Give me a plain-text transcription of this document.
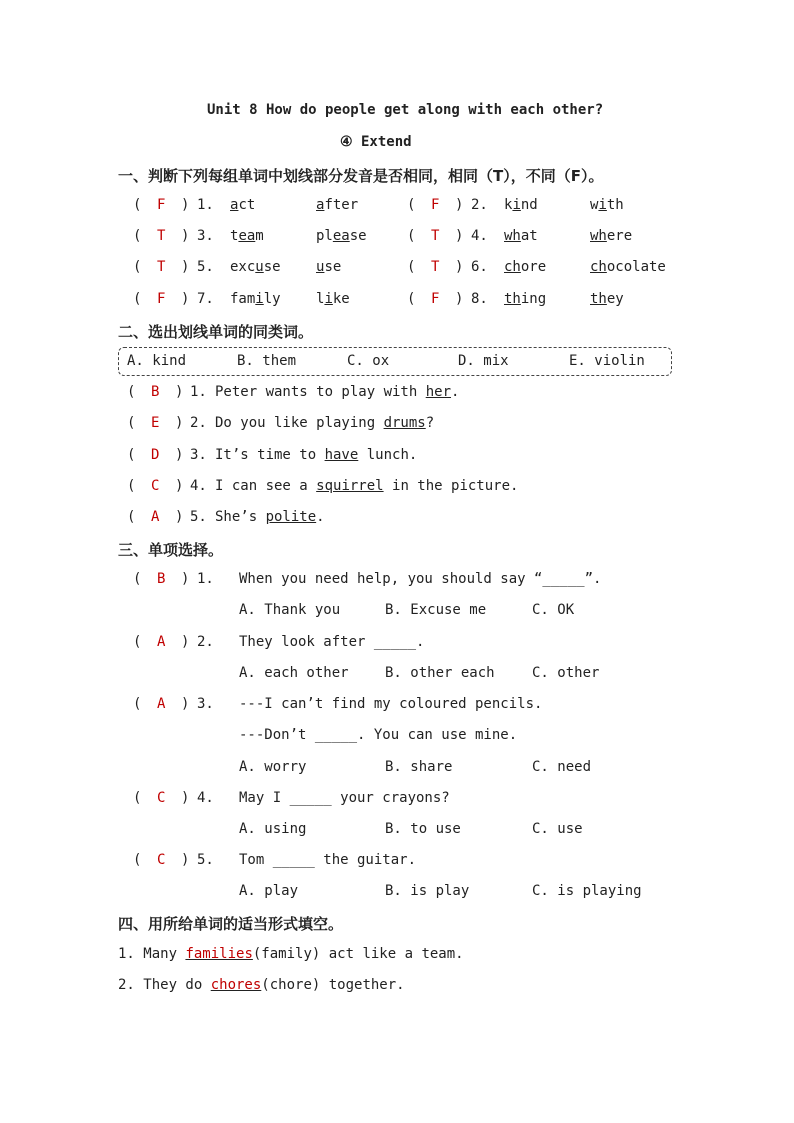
Unit 8 How do people get along with each other?
④ Extend
一、判断下列每组单词中划线部分发音是否相同，相同（T），不同（F）。
( F ) 1. act	after	( F ) 2. kind	with
( T ) 3. team	please	( T ) 4. what	where
( T ) 5. excuse	use	( T ) 6. chore	chocolate
( F ) 7. family	like	( F ) 8. thing	they
二、选出划线单词的同类词。
A. kind	B. them	C. ox	D. mix	E. violin
( B ) 1. Peter wants to play with her.
( E ) 2. Do you like playing drums?
( D ) 3. It’s time to have lunch.
( C ) 4. I can see a squirrel in the picture.
( A ) 5. She’s polite.
三、单项选择。
( B ) 1. When you need help, you should say “_____”.
A. Thank you	B. Excuse me	C. OK
( A ) 2. They look after _____.
A. each other	B. other each	C. other
( A ) 3. ---I can’t find my coloured pencils.
---Don’t _____. You can use mine.
A. worry	B. share	C. need
( C ) 4. May I _____ your crayons?
A. using	B. to use	C. use
( C ) 5. Tom _____ the guitar.
A. play	B. is play	C. is playing
四、用所给单词的适当形式填空。
1. Many families(family) act like a team.
2. They do chores(chore) together.
